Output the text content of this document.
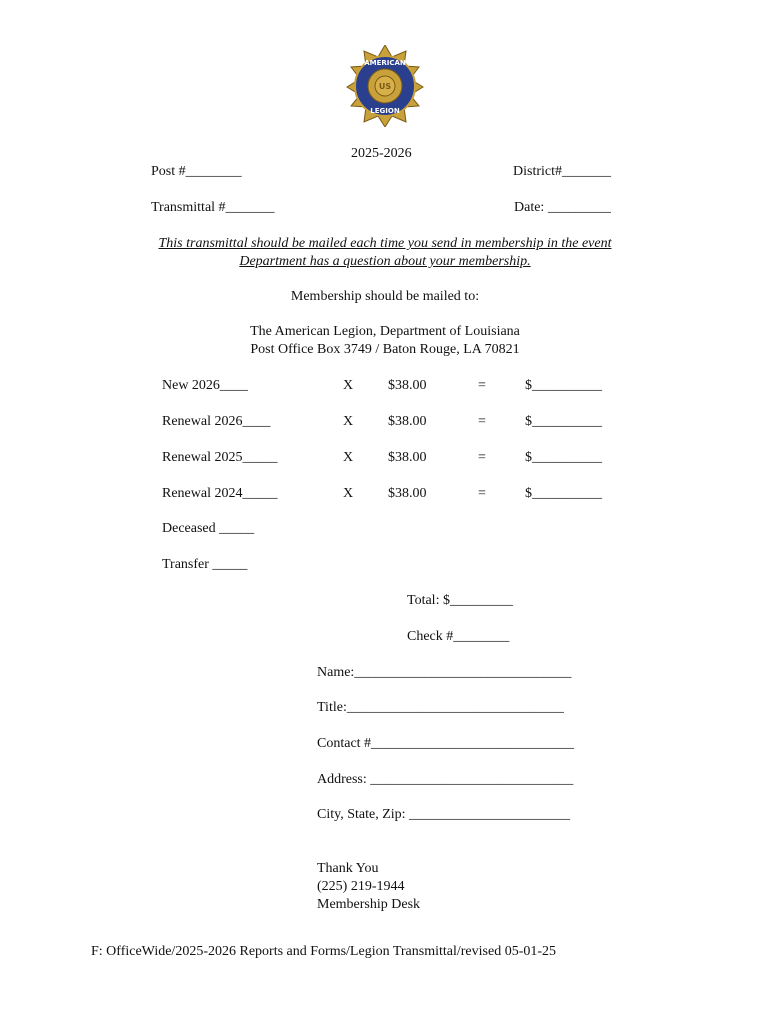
AMERICAN
LEGION
US
2025-2026
Post #________	District#_______
Transmittal #_______	Date: _________
This transmittal should be mailed each time you send in membership in the event
Department has a question about your membership.
Membership should be mailed to:
The American Legion, Department of Louisiana
Post Office Box 3749 / Baton Rouge, LA 70821
New 2026____	X $38.00	=	$__________
Renewal 2026____	X $38.00	=	$__________
Renewal 2025_____	X $38.00	=	$__________
Renewal 2024_____	X $38.00	=	$__________
Deceased _____
Transfer _____
Total: $_________
Check #________
Name:_______________________________
Title:_______________________________
Contact #_____________________________
Address: _____________________________
City, State, Zip: _______________________
Thank You
(225) 219-1944
Membership Desk
F: OfficeWide/2025-2026 Reports and Forms/Legion Transmittal/revised 05-01-25
